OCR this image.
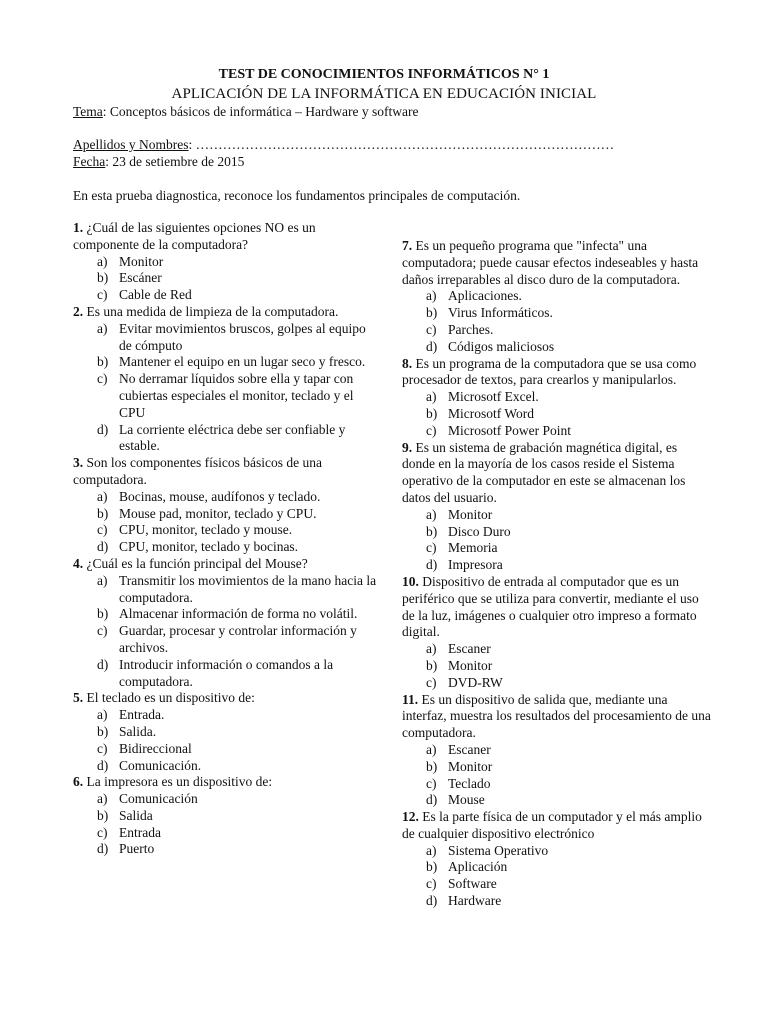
TEST DE CONOCIMIENTOS INFORMÁTICOS N° 1
APLICACIÓN DE LA INFORMÁTICA EN EDUCACIÓN INICIAL
Tema: Conceptos básicos de informática – Hardware y software
Apellidos y Nombres: …………………………………………………………………………………
Fecha: 23 de setiembre de 2015
En esta prueba diagnostica, reconoce los fundamentos principales de computación.

1. ¿Cuál de las siguientes opciones NO es un componente de la computadora?

a) Monitor
b) Escáner
c) Cable de Red

2. Es una medida de limpieza de la computadora.

a) Evitar movimientos bruscos, golpes al equipo de cómputo
b) Mantener el equipo en un lugar seco y fresco.
c) No derramar líquidos sobre ella y tapar con cubiertas especiales el monitor, teclado y el CPU
d) La corriente eléctrica debe ser confiable y estable.

3. Son los componentes físicos básicos de una computadora.

a) Bocinas, mouse, audífonos y teclado.
b) Mouse pad, monitor, teclado y CPU.
c) CPU, monitor, teclado y mouse.
d) CPU, monitor, teclado y bocinas.

4. ¿Cuál es la función principal del Mouse?

a) Transmitir los movimientos de la mano hacia la computadora.
b) Almacenar información de forma no volátil.
c) Guardar, procesar y controlar información y archivos.
d) Introducir información o comandos a la computadora.

5. El teclado es un dispositivo de:

a) Entrada.
b) Salida.
c) Bidireccional
d) Comunicación.

6. La impresora es un dispositivo de:

a) Comunicación
b) Salida
c) Entrada
d) Puerto

7. Es un pequeño programa que "infecta" una computadora; puede causar efectos indeseables y hasta daños irreparables al disco duro de la computadora.

a) Aplicaciones.
b) Virus Informáticos.
c) Parches.
d) Códigos maliciosos

8. Es un programa de la computadora que se usa como procesador de textos, para crearlos y manipularlos.

a) Microsotf Excel.
b) Microsotf Word
c) Microsotf Power Point

9. Es un sistema de grabación magnética digital, es donde en la mayoría de los casos reside el Sistema operativo de la computador en este se almacenan los datos del usuario.

a) Monitor
b) Disco Duro
c) Memoria
d) Impresora

10. Dispositivo de entrada al computador que es un periférico que se utiliza para convertir, mediante el uso de la luz, imágenes o cualquier otro impreso a formato digital.

a) Escaner
b) Monitor
c) DVD-RW

11. Es un dispositivo de salida que, mediante una interfaz, muestra los resultados del procesamiento de una computadora.

a) Escaner
b) Monitor
c) Teclado
d) Mouse

12. Es la parte física de un computador y el más amplio de cualquier dispositivo electrónico

a) Sistema Operativo
b) Aplicación
c) Software
d) Hardware
